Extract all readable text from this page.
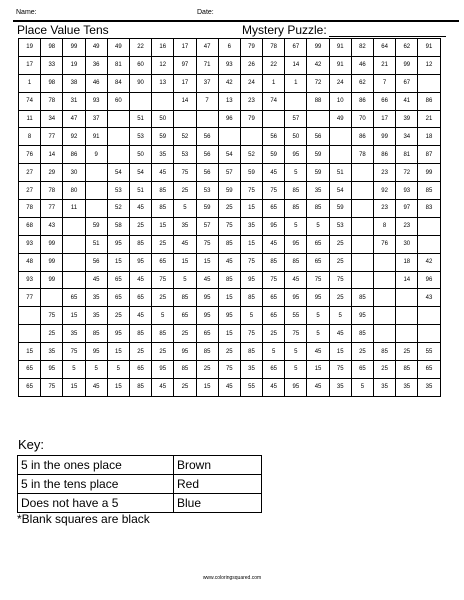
Name:	Date:
Place Value Tens	Mystery Puzzle:
19	98	99	49	49	22	16	17	47	6	79	78	67	99	91	82	64	62	91
17	33	19	36	81	60	12	97	71	93	26	22	14	42	91	46	21	99	12
1	98	38	46	84	90	13	17	37	42	24	1	1	72	24	62	7	67	
74	78	31	93	60			14	7	13	23	74		88	10	86	66	41	86
11	34	47	37		51	50			96	79		57		49	70	17	39	21
8	77	92	91		53	59	52	56			56	50	56		86	99	34	18
76	14	86	9		50	35	53	56	54	52	59	95	59		78	86	81	87
27	29	30		54	54	45	75	56	57	59	45	5	59	51		23	72	99
27	78	80		53	51	85	25	53	59	75	75	85	35	54		92	93	85
78	77	11		52	45	85	5	59	25	15	65	85	85	59		23	97	83
68	43		59	58	25	15	35	57	75	35	95	5	5	53		8	23	
93	99		51	95	85	25	45	75	85	15	45	95	65	25		76	30	
48	99		56	15	95	65	15	15	45	75	85	85	65	25			18	42
93	99		45	65	45	75	5	45	85	95	75	45	75	75			14	96
77		65	35	65	65	25	85	95	15	85	65	95	95	25	85			43
	75	15	35	25	45	5	65	95	95	5	65	55	5	5	95			
	25	35	85	95	85	85	25	65	15	75	25	75	5	45	85			
15	35	75	95	15	25	25	95	85	25	85	5	5	45	15	25	85	25	55
65	95	5	5	5	65	95	85	25	75	35	65	5	15	75	65	25	85	65
65	75	15	45	15	85	45	25	15	45	55	45	95	45	35	5	35	35	35
Key:
5 in the ones place	Brown
5 in the tens place	Red
Does not have a 5	Blue
*Blank squares are black
www.coloringsquared.com
